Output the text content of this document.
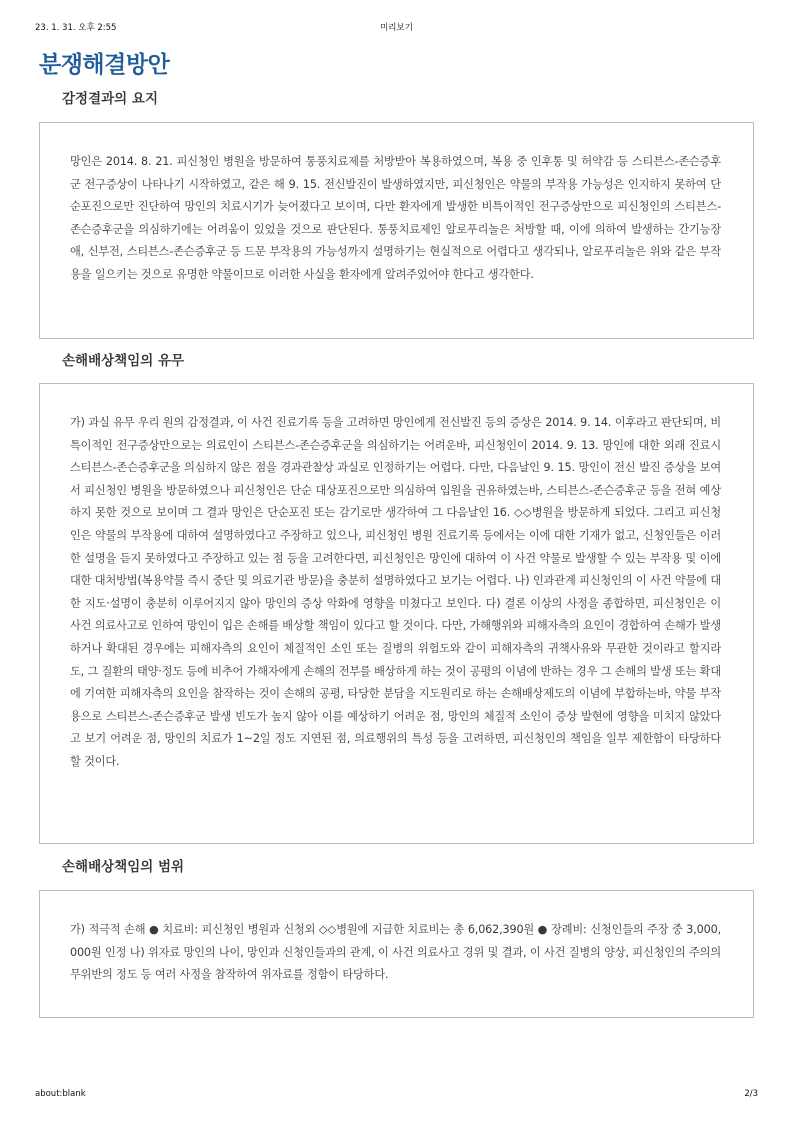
23. 1. 31. 오후 2:55	미리보기
분쟁해결방안
감정결과의 요지

망인은 2014. 8. 21. 피신청인 병원을 방문하여 통풍치료제를 처방받아 복용하였으며, 복용 중 인후통 및 허약감 등 스티븐스-존슨증후군 전구증상이 나타나기 시작하였고, 같은 해 9. 15. 전신발진이 발생하였지만, 피신청인은 약물의 부작용 가능성은 인지하지 못하여 단순포진으로만 진단하여 망인의 치료시기가 늦어졌다고 보이며, 다만 환자에게 발생한 비특이적인 전구증상만으로 피신청인의 스티븐스-존슨증후군을 의심하기에는 어려움이 있었을 것으로 판단된다. 통풍치료제인 알로푸리놀은 처방할 때, 이에 의하여 발생하는 간기능장애, 신부전, 스티븐스-존슨증후군 등 드문 부작용의 가능성까지 설명하기는 현실적으로 어렵다고 생각되나, 알로푸리놀은 위와 같은 부작용을 일으키는 것으로 유명한 약물이므로 이러한 사실을 환자에게 알려주었어야 한다고 생각한다.

손해배상책임의 유무

가) 과실 유무 우리 원의 감정결과, 이 사건 진료기록 등을 고려하면 망인에게 전신발진 등의 증상은 2014. 9. 14. 이후라고 판단되며, 비특이적인 전구증상만으로는 의료인이 스티븐스-존슨증후군을 의심하기는 어려운바, 피신청인이 2014. 9. 13. 망인에 대한 외래 진료시 스티븐스-존슨증후군을 의심하지 않은 점을 경과관찰상 과실로 인정하기는 어렵다. 다만, 다음날인 9. 15. 망인이 전신 발진 증상을 보여서 피신청인 병원을 방문하였으나 피신청인은 단순 대상포진으로만 의심하여 입원을 권유하였는바, 스티븐스-존슨증후군 등을 전혀 예상하지 못한 것으로 보이며 그 결과 망인은 단순포진 또는 감기로만 생각하여 그 다음날인 16. ◇◇병원을 방문하게 되었다. 그리고 피신청인은 약물의 부작용에 대하여 설명하였다고 주장하고 있으나, 피신청인 병원 진료기록 등에서는 이에 대한 기재가 없고, 신청인들은 이러한 설명을 듣지 못하였다고 주장하고 있는 점 등을 고려한다면, 피신청인은 망인에 대하여 이 사건 약물로 발생할 수 있는 부작용 및 이에 대한 대처방법(복용약물 즉시 중단 및 의료기관 방문)을 충분히 설명하였다고 보기는 어렵다. 나) 인과관계 피신청인의 이 사건 약물에 대한 지도·설명이 충분히 이루어지지 않아 망인의 증상 악화에 영향을 미쳤다고 보인다. 다) 결론 이상의 사정을 종합하면, 피신청인은 이 사건 의료사고로 인하여 망인이 입은 손해를 배상할 책임이 있다고 할 것이다. 다만, 가해행위와 피해자측의 요인이 경합하여 손해가 발생하거나 확대된 경우에는 피해자측의 요인이 체질적인 소인 또는 질병의 위험도와 같이 피해자측의 귀책사유와 무관한 것이라고 할지라도, 그 질환의 태양·정도 등에 비추어 가해자에게 손해의 전부를 배상하게 하는 것이 공평의 이념에 반하는 경우 그 손해의 발생 또는 확대에 기여한 피해자측의 요인을 참작하는 것이 손해의 공평, 타당한 분담을 지도원리로 하는 손해배상제도의 이념에 부합하는바, 약물 부작용으로 스티븐스-존슨증후군 발생 빈도가 높지 않아 이를 예상하기 어려운 점, 망인의 체질적 소인이 증상 발현에 영향을 미치지 않았다고 보기 어려운 점, 망인의 치료가 1~2일 정도 지연된 점, 의료행위의 특성 등을 고려하면, 피신청인의 책임을 일부 제한함이 타당하다 할 것이다.

손해배상책임의 범위

가) 적극적 손해 ● 치료비: 피신청인 병원과 신청외 ◇◇병원에 지급한 치료비는 총 6,062,390원 ● 장례비: 신청인들의 주장 중 3,000,000원 인정 나) 위자료 망인의 나이, 망인과 신청인들과의 관계, 이 사건 의료사고 경위 및 결과, 이 사건 질병의 양상, 피신청인의 주의의무위반의 정도 등 여러 사정을 참작하여 위자료를 정함이 타당하다.

about:blank	2/3
